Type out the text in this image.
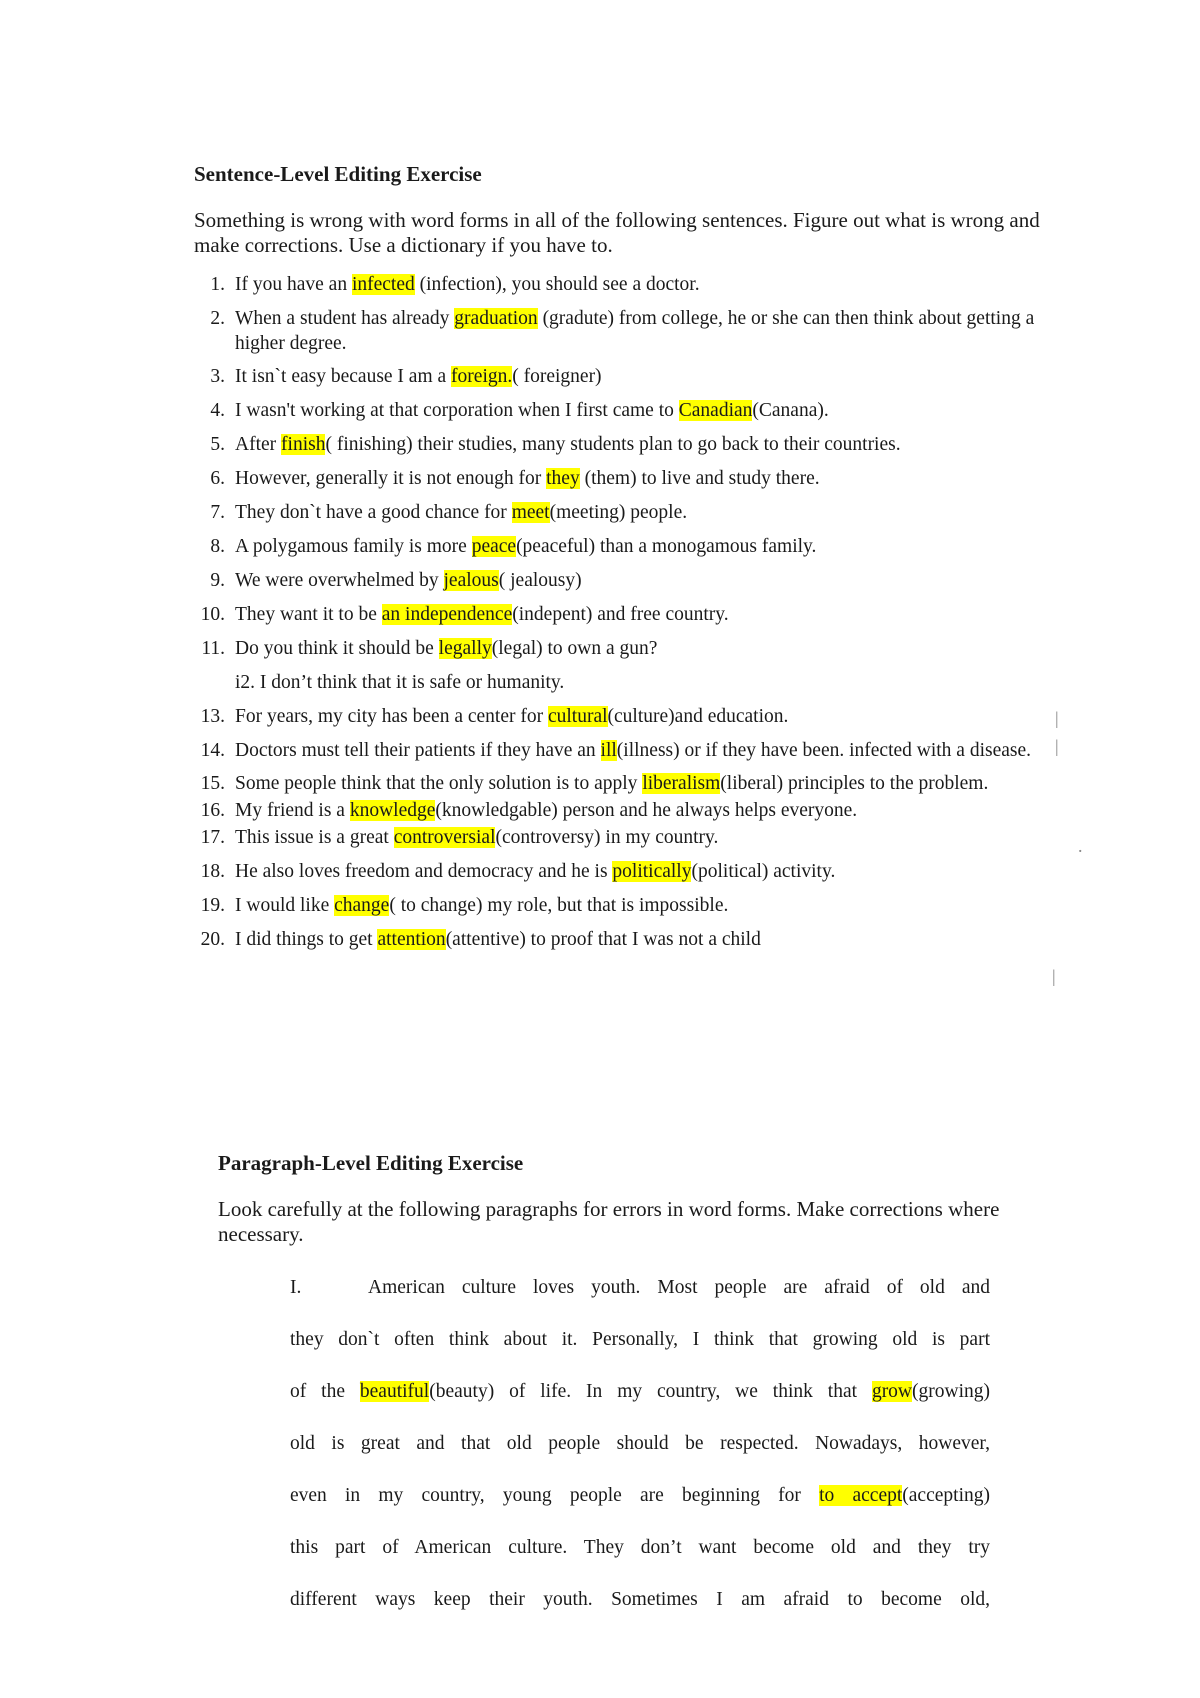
Sentence-Level Editing Exercise
Something is wrong with word forms in all of the following sentences. Figure out what is wrong and make corrections. Use a dictionary if you have to.
1. If you have an infected (infection), you should see a doctor.
2. When a student has already graduation (gradute) from college, he or she can then think about getting a higher degree.
3. It isn`t easy because I am a foreign.( foreigner)
4. I wasn't working at that corporation when I first came to Canadian(Canana).
5. After finish( finishing) their studies, many students plan to go back to their countries.
6. However, generally it is not enough for they (them) to live and study there.
7. They don`t have a good chance for meet(meeting) people.
8. A polygamous family is more peace(peaceful) than a monogamous family.
9. We were overwhelmed by jealous( jealousy)
10. They want it to be an independence(indepent) and free country.
11. Do you think it should be legally(legal) to own a gun?
i2. I don’t think that it is safe or humanity.
13. For years, my city has been a center for cultural(culture)and education.
14. Doctors must tell their patients if they have an ill(illness) or if they have been. infected with a disease.
15. Some people think that the only solution is to apply liberalism(liberal) principles to the problem.
16. My friend is a knowledge(knowledgable) person and he always helps everyone.
17. This issue is a great controversial(controversy) in my country.
18. He also loves freedom and democracy and he is politically(political) activity.
19. I would like change( to change) my role, but that is impossible.
20. I did things to get attention(attentive) to proof that I was not a child
Paragraph-Level Editing Exercise
Look carefully at the following paragraphs for errors in word forms. Make corrections where necessary.
I.	American culture loves youth. Most people are afraid of old and
they don`t often think about it. Personally, I think that growing old is part
of the beautiful(beauty) of life. In my country, we think that grow(growing)
old is great and that old people should be respected. Nowadays, however,
even in my country, young people are beginning for to accept(accepting)
this part of American culture. They don’t want become old and they try
different ways keep their youth. Sometimes I am afraid to become old,
|
|
.
|
